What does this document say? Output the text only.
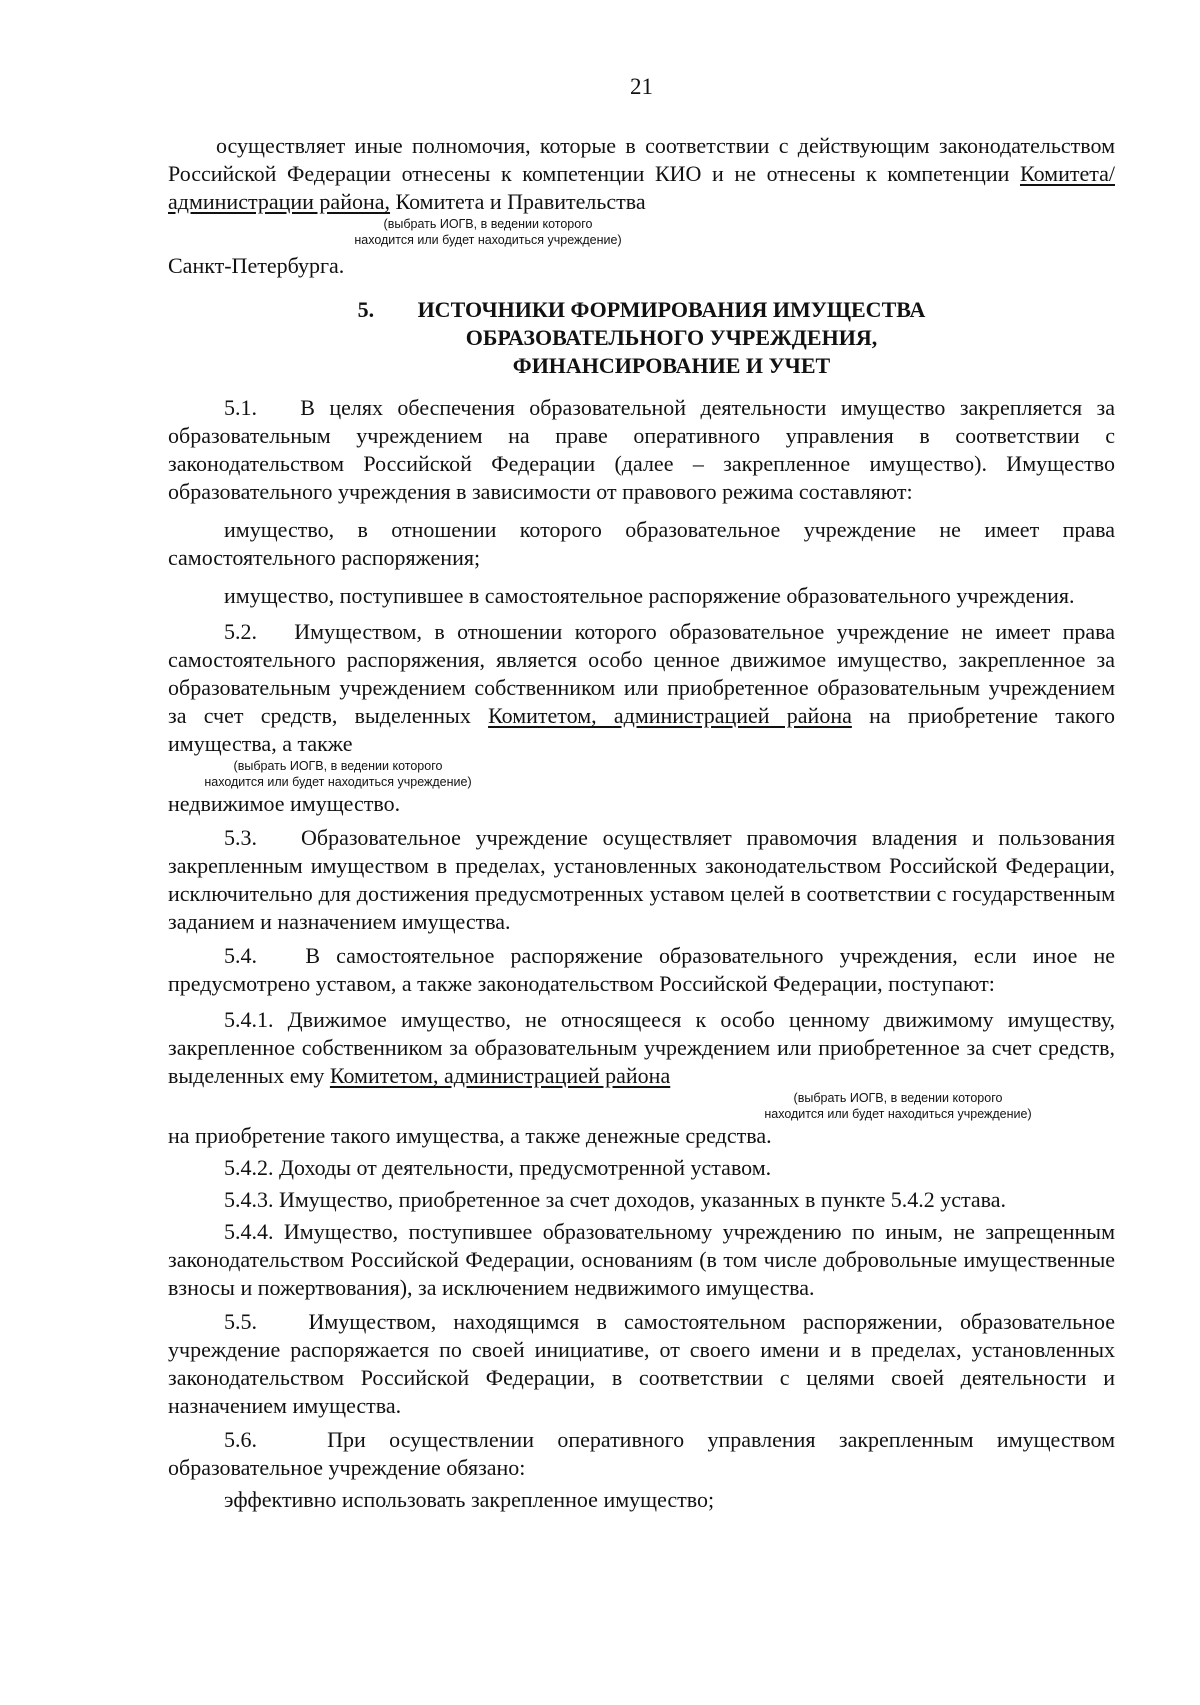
21

осуществляет иные полномочия, которые в соответствии с действующим законодательством Российской Федерации отнесены к компетенции КИО и не отнесены к компетенции Комитета/администрации района, Комитета и Правительства

(выбрать ИОГВ, в ведении которого

находится или будет находиться учреждение)

Санкт-Петербурга.

5.	ИСТОЧНИКИ ФОРМИРОВАНИЯ ИМУЩЕСТВА
ОБРАЗОВАТЕЛЬНОГО УЧРЕЖДЕНИЯ,
ФИНАНСИРОВАНИЕ И УЧЕТ

5.1.   В целях обеспечения образовательной деятельности имущество закрепляется за образовательным учреждением на праве оперативного управления в соответствии с законодательством Российской Федерации (далее – закрепленное имущество). Имущество образовательного учреждения в зависимости от правового режима составляют:

имущество, в отношении которого образовательное учреждение не имеет права самостоятельного распоряжения;

имущество, поступившее в самостоятельное распоряжение образовательного учреждения.

5.2.   Имуществом, в отношении которого образовательное учреждение не имеет права самостоятельного распоряжения, является особо ценное движимое имущество, закрепленное за образовательным учреждением собственником или приобретенное образовательным учреждением за счет средств, выделенных Комитетом, администрацией района на приобретение такого имущества, а также

(выбрать ИОГВ, в ведении которого

находится или будет находиться учреждение)

недвижимое имущество.

5.3.   Образовательное учреждение осуществляет правомочия владения и пользования закрепленным имуществом в пределах, установленных законодательством Российской Федерации, исключительно для достижения предусмотренных уставом целей в соответствии с государственным заданием и назначением имущества.

5.4.   В самостоятельное распоряжение образовательного учреждения, если иное не предусмотрено уставом, а также законодательством Российской Федерации, поступают:

5.4.1. Движимое имущество, не относящееся к особо ценному движимому имуществу, закрепленное собственником за образовательным учреждением или приобретенное за счет средств, выделенных ему Комитетом, администрацией района

(выбрать ИОГВ, в ведении которого

находится или будет находиться учреждение)

на приобретение такого имущества, а также денежные средства.

5.4.2. Доходы от деятельности, предусмотренной уставом.

5.4.3. Имущество, приобретенное за счет доходов, указанных в пункте 5.4.2 устава.

5.4.4. Имущество, поступившее образовательному учреждению по иным, не запрещенным законодательством Российской Федерации, основаниям (в том числе добровольные имущественные взносы и пожертвования), за исключением недвижимого имущества.

5.5.   Имуществом, находящимся в самостоятельном распоряжении, образовательное учреждение распоряжается по своей инициативе, от своего имени и в пределах, установленных законодательством Российской Федерации, в соответствии с целями своей деятельности и назначением имущества.

5.6.   При осуществлении оперативного управления закрепленным имуществом образовательное учреждение обязано:

эффективно использовать закрепленное имущество;
